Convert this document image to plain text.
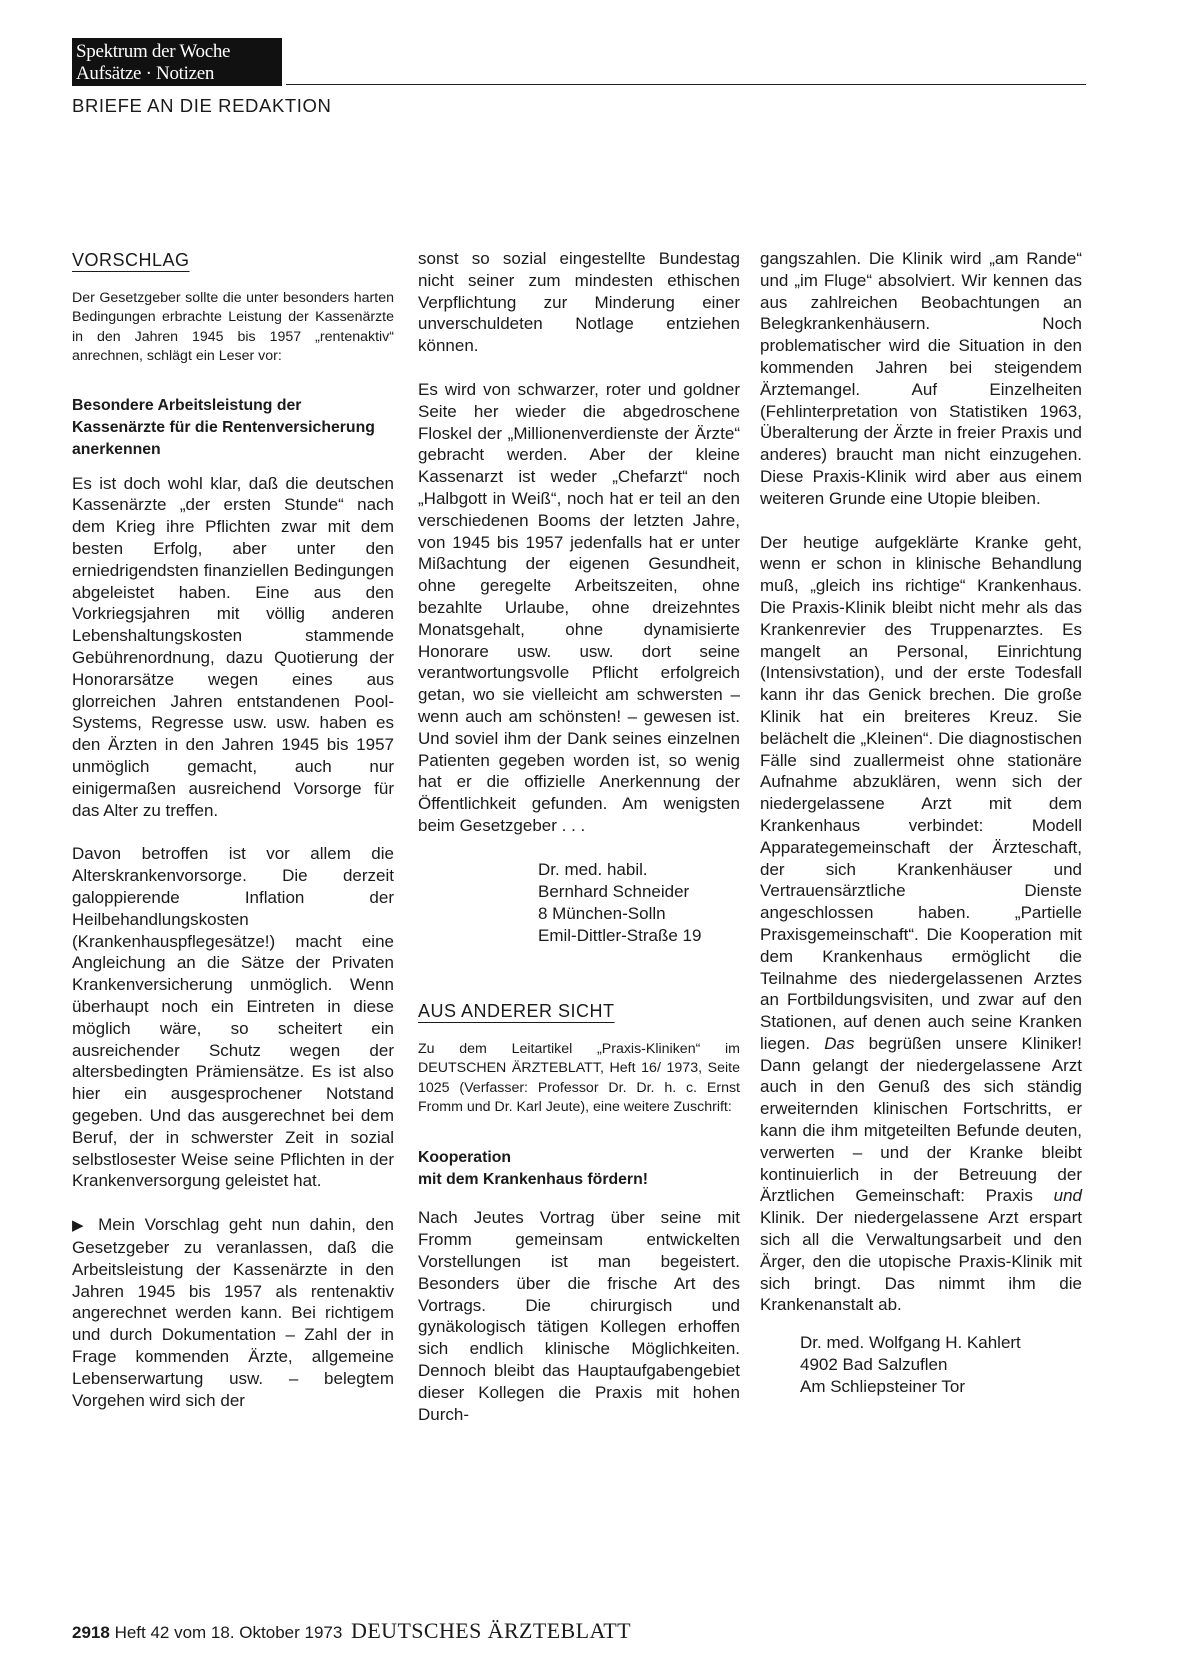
Spektrum der Woche
Aufsätze · Notizen
BRIEFE AN DIE REDAKTION
VORSCHLAG

Der Gesetzgeber sollte die unter besonders harten Bedingungen erbrachte Leistung der Kassenärzte in den Jahren 1945 bis 1957 „rentenaktiv“ anrechnen, schlägt ein Leser vor:

Besondere Arbeitsleistung der Kassenärzte für die Rentenversicherung anerkennen

Es ist doch wohl klar, daß die deutschen Kassenärzte „der ersten Stunde“ nach dem Krieg ihre Pflichten zwar mit dem besten Erfolg, aber unter den erniedrigendsten finanziellen Bedingungen abgeleistet haben. Eine aus den Vorkriegsjahren mit völlig anderen Lebenshaltungskosten stammende Gebührenordnung, dazu Quotierung der Honorarsätze wegen eines aus glorreichen Jahren entstandenen Pool-Systems, Regresse usw. usw. haben es den Ärzten in den Jahren 1945 bis 1957 unmöglich gemacht, auch nur einigermaßen ausreichend Vorsorge für das Alter zu treffen.

Davon betroffen ist vor allem die Alterskrankenvorsorge. Die derzeit galoppierende Inflation der Heilbehandlungskosten (Krankenhauspflegesätze!) macht eine Angleichung an die Sätze der Privaten Krankenversicherung unmöglich. Wenn überhaupt noch ein Eintreten in diese möglich wäre, so scheitert ein ausreichender Schutz wegen der altersbedingten Prämiensätze. Es ist also hier ein ausgesprochener Notstand gegeben. Und das ausgerechnet bei dem Beruf, der in schwerster Zeit in sozial selbstlosester Weise seine Pflichten in der Krankenversorgung geleistet hat.

▶ Mein Vorschlag geht nun dahin, den Gesetzgeber zu veranlassen, daß die Arbeitsleistung der Kassenärzte in den Jahren 1945 bis 1957 als rentenaktiv angerechnet werden kann. Bei richtigem und durch Dokumentation – Zahl der in Frage kommenden Ärzte, allgemeine Lebenserwartung usw. – belegtem Vorgehen wird sich der

sonst so sozial eingestellte Bundestag nicht seiner zum mindesten ethischen Verpflichtung zur Minderung einer unverschuldeten Notlage entziehen können.

Es wird von schwarzer, roter und goldner Seite her wieder die abgedroschene Floskel der „Millionenverdienste der Ärzte“ gebracht werden. Aber der kleine Kassenarzt ist weder „Chefarzt“ noch „Halbgott in Weiß“, noch hat er teil an den verschiedenen Booms der letzten Jahre, von 1945 bis 1957 jedenfalls hat er unter Mißachtung der eigenen Gesundheit, ohne geregelte Arbeitszeiten, ohne bezahlte Urlaube, ohne dreizehntes Monatsgehalt, ohne dynamisierte Honorare usw. usw. dort seine verantwortungsvolle Pflicht erfolgreich getan, wo sie vielleicht am schwersten – wenn auch am schönsten! – gewesen ist. Und soviel ihm der Dank seines einzelnen Patienten gegeben worden ist, so wenig hat er die offizielle Anerkennung der Öffentlichkeit gefunden. Am wenigsten beim Gesetzgeber . . .

Dr. med. habil.

Bernhard Schneider

8 München-Solln

Emil-Dittler-Straße 19

AUS ANDERER SICHT

Zu dem Leitartikel „Praxis-Kliniken“ im DEUTSCHEN ÄRZTEBLATT, Heft 16/ 1973, Seite 1025 (Verfasser: Professor Dr. Dr. h. c. Ernst Fromm und Dr. Karl Jeute), eine weitere Zuschrift:

Kooperation

mit dem Krankenhaus fördern!

Nach Jeutes Vortrag über seine mit Fromm gemeinsam entwickelten Vorstellungen ist man begeistert. Besonders über die frische Art des Vortrags. Die chirurgisch und gynäkologisch tätigen Kollegen erhoffen sich endlich klinische Möglichkeiten. Dennoch bleibt das Hauptaufgabengebiet dieser Kollegen die Praxis mit hohen Durch-

gangszahlen. Die Klinik wird „am Rande“ und „im Fluge“ absolviert. Wir kennen das aus zahlreichen Beobachtungen an Belegkrankenhäusern. Noch problematischer wird die Situation in den kommenden Jahren bei steigendem Ärztemangel. Auf Einzelheiten (Fehlinterpretation von Statistiken 1963, Überalterung der Ärzte in freier Praxis und anderes) braucht man nicht einzugehen. Diese Praxis-Klinik wird aber aus einem weiteren Grunde eine Utopie bleiben.

Der heutige aufgeklärte Kranke geht, wenn er schon in klinische Behandlung muß, „gleich ins richtige“ Krankenhaus. Die Praxis-Klinik bleibt nicht mehr als das Krankenrevier des Truppenarztes. Es mangelt an Personal, Einrichtung (Intensivstation), und der erste Todesfall kann ihr das Genick brechen. Die große Klinik hat ein breiteres Kreuz. Sie belächelt die „Kleinen“. Die diagnostischen Fälle sind zuallermeist ohne stationäre Aufnahme abzuklären, wenn sich der niedergelassene Arzt mit dem Krankenhaus verbindet: Modell Apparategemeinschaft der Ärzteschaft, der sich Krankenhäuser und Vertrauensärztliche Dienste angeschlossen haben. „Partielle Praxisgemeinschaft“. Die Kooperation mit dem Krankenhaus ermöglicht die Teilnahme des niedergelassenen Arztes an Fortbildungsvisiten, und zwar auf den Stationen, auf denen auch seine Kranken liegen. Das begrüßen unsere Kliniker! Dann gelangt der niedergelassene Arzt auch in den Genuß des sich ständig erweiternden klinischen Fortschritts, er kann die ihm mitgeteilten Befunde deuten, verwerten – und der Kranke bleibt kontinuierlich in der Betreuung der Ärztlichen Gemeinschaft: Praxis und Klinik. Der niedergelassene Arzt erspart sich all die Verwaltungsarbeit und den Ärger, den die utopische Praxis-Klinik mit sich bringt. Das nimmt ihm die Krankenanstalt ab.

Dr. med. Wolfgang H. Kahlert

4902 Bad Salzuflen

Am Schliepsteiner Tor

2918 Heft 42 vom 18. Oktober 1973 DEUTSCHES ÄRZTEBLATT
